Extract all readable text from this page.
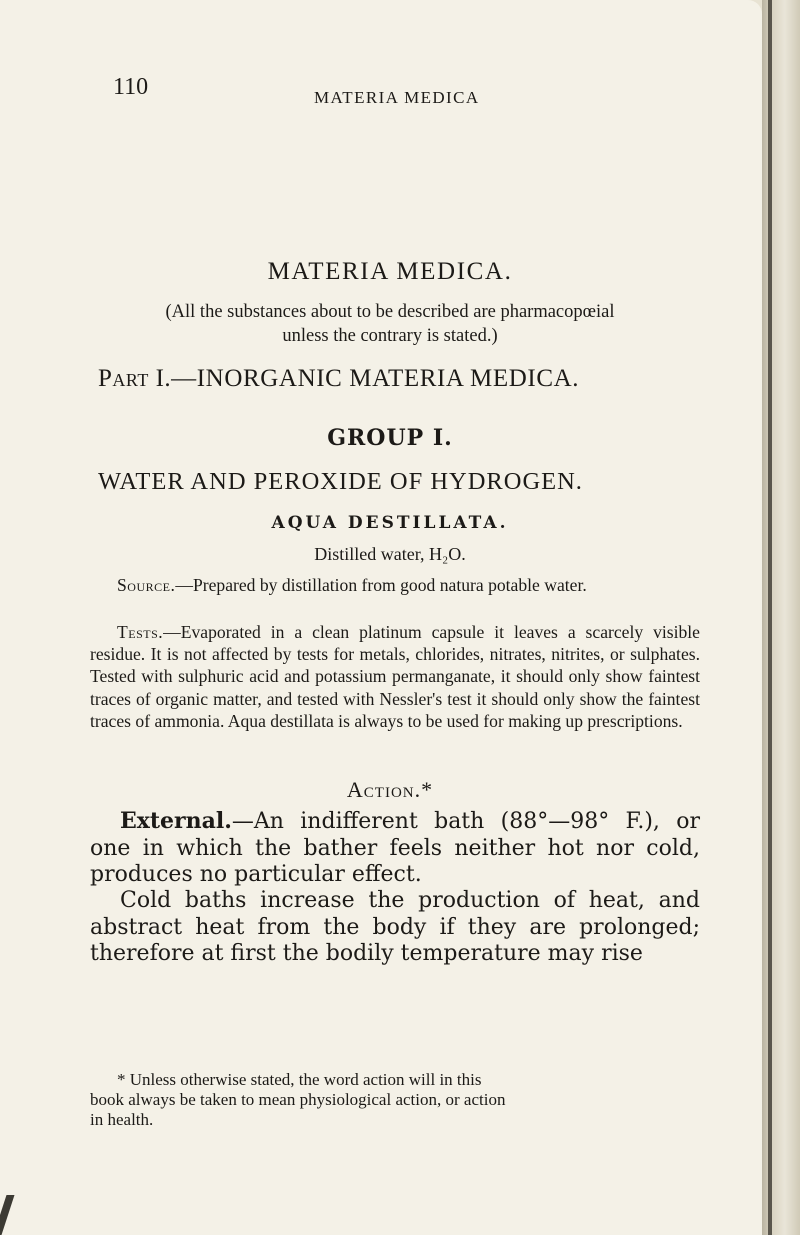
110	MATERIA MEDICA

MATERIA MEDICA.

(All the substances about to be described are pharmacopœial

unless the contrary is stated.)

Part I.—INORGANIC MATERIA MEDICA.

GROUP I.

WATER AND PEROXIDE OF HYDROGEN.

AQUA DESTILLATA.

Distilled water, H₂O.

Source.—Prepared by distillation from good natura potable water.
Tests.—Evaporated in a clean platinum capsule it leaves a scarcely visible residue. It is not affected by tests for metals, chlorides, nitrates, nitrites, or sulphates. Tested with sulphuric acid and potassium permanganate, it should only show faintest traces of organic matter, and tested with Nessler's test it should only show the faintest traces of ammonia. Aqua destillata is always to be used for making up prescriptions.

Action.*

External.—An indifferent bath (88°—98° F.), or
one in which the bather feels neither hot nor cold,
produces no particular effect.
Cold baths increase the production of heat, and
abstract heat from the body if they are prolonged;
therefore at first the bodily temperature may rise
* Unless otherwise stated, the word action will in this
book always be taken to mean physiological action, or action
in health.
